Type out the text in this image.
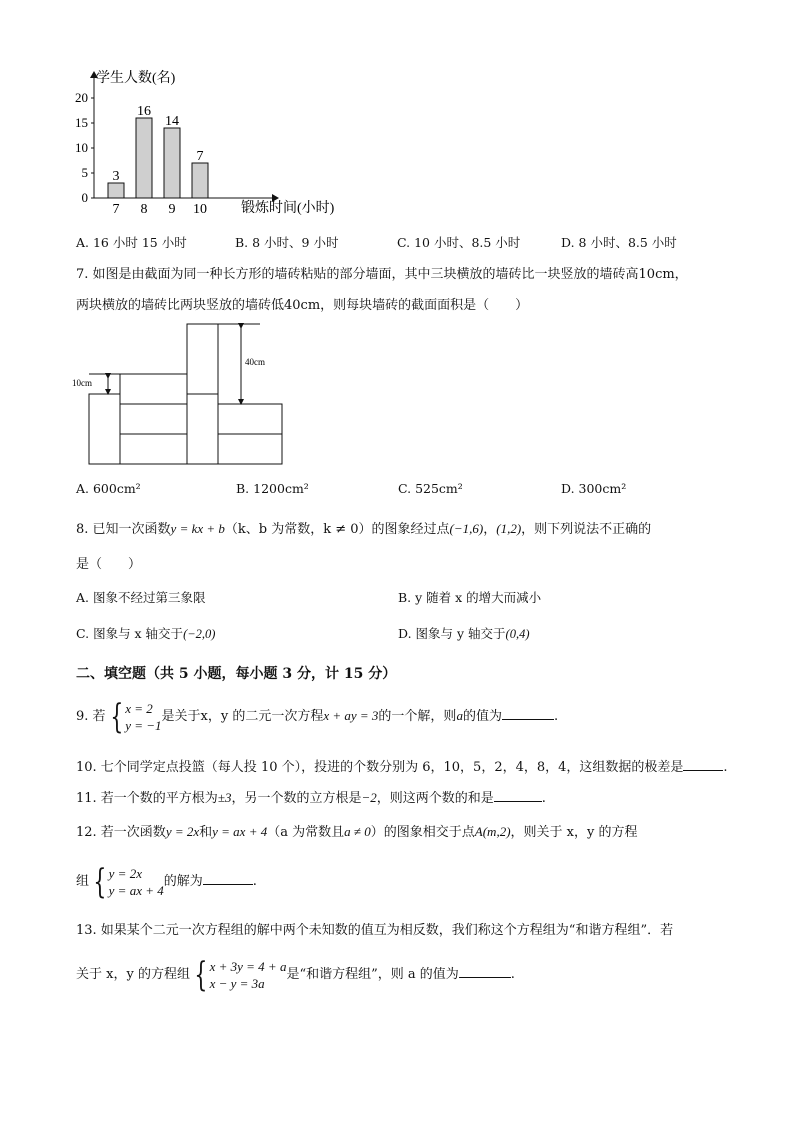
学生人数(名)
锻炼时间(小时)
0
5
10
15
20
3
7
16
8
14
9
7
10
A. 16 小时 15 小时	B. 8 小时、9 小时	C. 10 小时、8.5 小时	D. 8 小时、8.5 小时
7. 如图是由截面为同一种长方形的墙砖粘贴的部分墙面，其中三块横放的墙砖比一块竖放的墙砖高10cm，
两块横放的墙砖比两块竖放的墙砖低40cm，则每块墙砖的截面面积是（　　）
10cm
40cm
A. 600cm²	B. 1200cm²	C. 525cm²	D. 300cm²
8. 已知一次函数y = kx + b（k、b 为常数，k ≠ 0）的图象经过点(−1,6)，(1,2)，则下列说法不正确的
是（　　）
A. 图象不经过第三象限	B. y 随着 x 的增大而减小
C. 图象与 x 轴交于(−2,0)	D. 图象与 y 轴交于(0,4)
二、填空题（共 5 小题，每小题 3 分，计 15 分）
9. 若 { x = 2
y = −1
是关于x，y 的二元一次方程x + ay = 3的一个解，则a的值为	.
10. 七个同学定点投篮（每人投 10 个），投进的个数分别为 6，10，5，2，4，8，4，这组数据的极差是	.
11. 若一个数的平方根为±3，另一个数的立方根是−2，则这两个数的和是	.
12. 若一次函数y = 2x和y = ax + 4（a 为常数且a ≠ 0）的图象相交于点A(m,2)，则关于 x，y 的方程
组 { y = 2x
y = ax + 4
的解为	.
13. 如果某个二元一次方程组的解中两个未知数的值互为相反数，我们称这个方程组为“和谐方程组”．若
关于 x，y 的方程组 { x + 3y = 4 + a
x − y = 3a
是“和谐方程组”，则 a 的值为	.
